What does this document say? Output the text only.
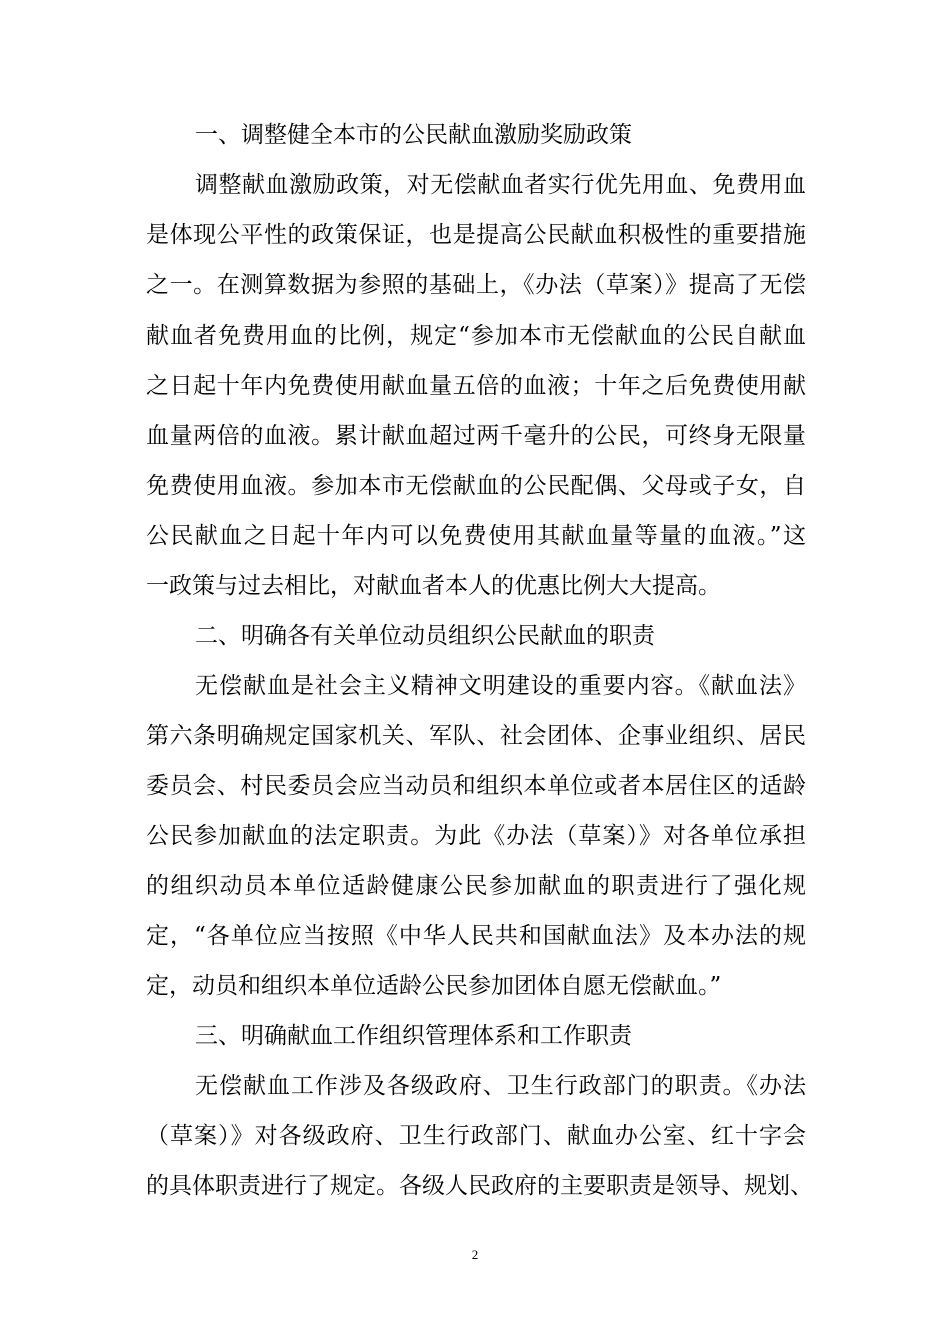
一、调整健全本市的公民献血激励奖励政策
调整献血激励政策，对无偿献血者实行优先用血、免费用血
是体现公平性的政策保证，也是提高公民献血积极性的重要措施
之一。在测算数据为参照的基础上，《办法（草案）》提高了无偿
献血者免费用血的比例，规定“参加本市无偿献血的公民自献血
之日起十年内免费使用献血量五倍的血液；十年之后免费使用献
血量两倍的血液。累计献血超过两千毫升的公民，可终身无限量
免费使用血液。参加本市无偿献血的公民配偶、父母或子女，自
公民献血之日起十年内可以免费使用其献血量等量的血液。”这
一政策与过去相比，对献血者本人的优惠比例大大提高。
二、明确各有关单位动员组织公民献血的职责
无偿献血是社会主义精神文明建设的重要内容。《献血法》
第六条明确规定国家机关、军队、社会团体、企事业组织、居民
委员会、村民委员会应当动员和组织本单位或者本居住区的适龄
公民参加献血的法定职责。为此《办法（草案）》对各单位承担
的组织动员本单位适龄健康公民参加献血的职责进行了强化规
定，“各单位应当按照《中华人民共和国献血法》及本办法的规
定，动员和组织本单位适龄公民参加团体自愿无偿献血。”
三、明确献血工作组织管理体系和工作职责
无偿献血工作涉及各级政府、卫生行政部门的职责。《办法
（草案）》对各级政府、卫生行政部门、献血办公室、红十字会
的具体职责进行了规定。各级人民政府的主要职责是领导、规划、
2
